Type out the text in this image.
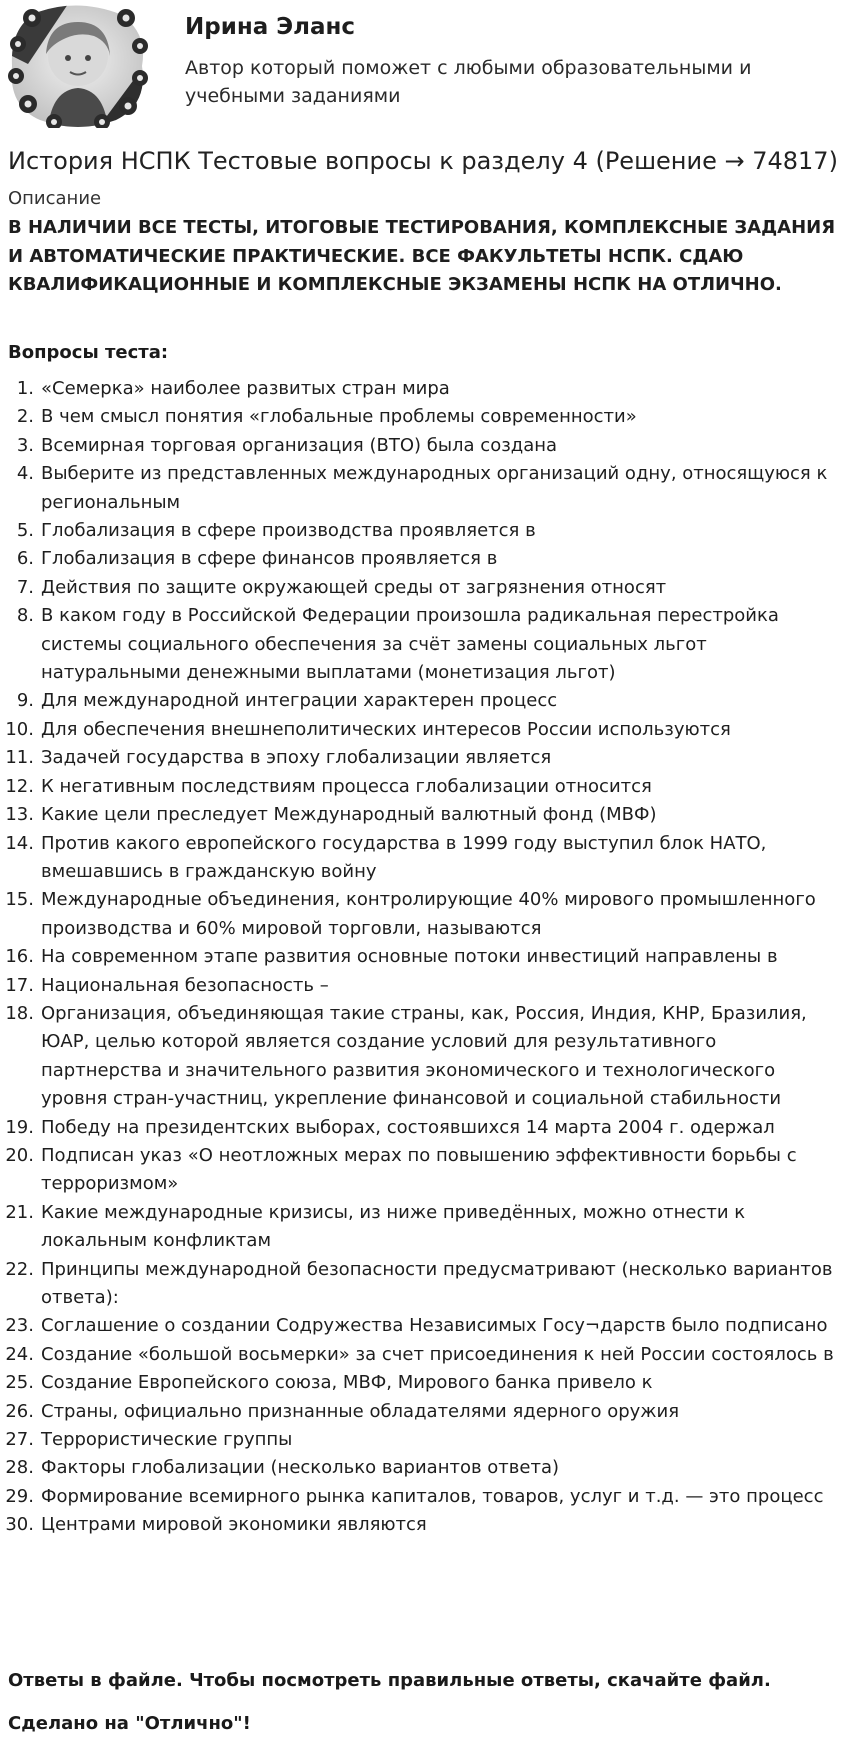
Ирина Эланс

Автор который поможет с любыми образовательными и учебными заданиями

История НСПК Тестовые вопросы к разделу 4 (Решение → 74817)
Описание

В НАЛИЧИИ ВСЕ ТЕСТЫ, ИТОГОВЫЕ ТЕСТИРОВАНИЯ, КОМПЛЕКСНЫЕ ЗАДАНИЯ И АВТОМАТИЧЕСКИЕ ПРАКТИЧЕСКИЕ. ВСЕ ФАКУЛЬТЕТЫ НСПК. СДАЮ КВАЛИФИКАЦИОННЫЕ И КОМПЛЕКСНЫЕ ЭКЗАМЕНЫ НСПК НА ОТЛИЧНО.

Вопросы теста:

1. «Семерка» наиболее развитых стран мира
2. В чем смысл понятия «глобальные проблемы современности»
3. Всемирная торговая организация (ВТО) была создана
4. Выберите из представленных международных организаций одну, относящуюся к региональным
5. Глобализация в сфере производства проявляется в
6. Глобализация в сфере финансов проявляется в
7. Действия по защите окружающей среды от загрязнения относят
8. В каком году в Российской Федерации произошла радикальная перестройка системы социального обеспечения за счёт замены социальных льгот натуральными денежными выплатами (монетизация льгот)
9. Для международной интеграции характерен процесс
10. Для обеспечения внешнеполитических интересов России используются
11. Задачей государства в эпоху глобализации является
12. К негативным последствиям процесса глобализации относится
13. Какие цели преследует Международный валютный фонд (МВФ)
14. Против какого европейского государства в 1999 году выступил блок НАТО, вмешавшись в гражданскую войну
15. Международные объединения, контролирующие 40% мирового промышленного производства и 60% мировой торговли, называются
16. На современном этапе развития основные потоки инвестиций направлены в
17. Национальная безопасность –
18. Организация, объединяющая такие страны, как, Россия, Индия, КНР, Бразилия, ЮАР, целью которой является создание условий для результативного партнерства и значительного развития экономического и технологического уровня стран-участниц, укрепление финансовой и социальной стабильности
19. Победу на президентских выборах, состоявшихся 14 марта 2004 г. одержал
20. Подписан указ «О неотложных мерах по повышению эффективности борьбы с терроризмом»
21. Какие международные кризисы, из ниже приведённых, можно отнести к локальным конфликтам
22. Принципы международной безопасности предусматривают (несколько вариантов ответа):
23. Соглашение о создании Содружества Независимых Госу¬дарств было подписано
24. Создание «большой восьмерки» за счет присоединения к ней России состоялось в
25. Создание Европейского союза, МВФ, Мирового банка привело к
26. Страны, официально признанные обладателями ядерного оружия
27. Террористические группы
28. Факторы глобализации (несколько вариантов ответа)
29. Формирование всемирного рынка капиталов, товаров, услуг и т.д. — это процесс
30. Центрами мировой экономики являются

Ответы в файле. Чтобы посмотреть правильные ответы, скачайте файл.

Сделано на "Отлично"!
